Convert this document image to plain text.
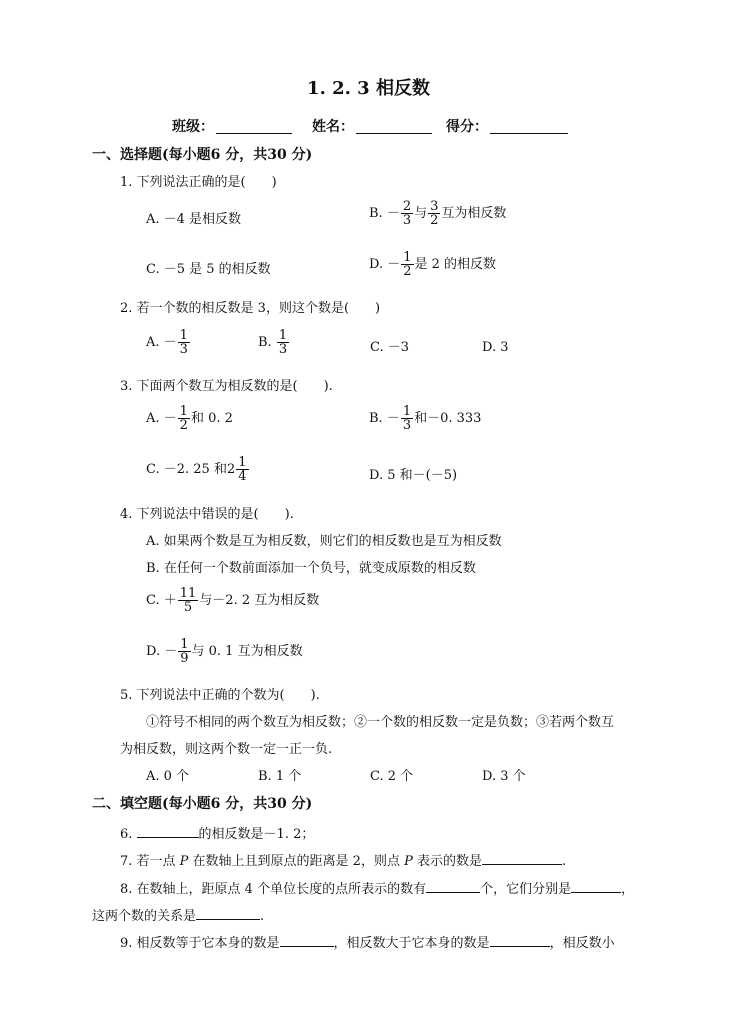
1. 2. 3 相反数
班级：	姓名：	得分：
一、选择题(每小题6 分，共30 分)
1. 下列说法正确的是(　　)
A. －4 是相反数	B. － $\frac{2}{3}$ 与 $\frac{3}{2}$ 互为相反数
C. －5 是 5 的相反数	D. － $\frac{1}{2}$ 是 2 的相反数
2. 若一个数的相反数是 3，则这个数是(　　)
A. － $\frac{1}{3}$	B. $\frac{1}{3}$	C. －3	D. 3
3. 下面两个数互为相反数的是(　　).
A. － $\frac{1}{2}$ 和 0. 2	B. － $\frac{1}{3}$ 和－0. 333
C. －2. 25 和$2 \frac{1}{4}$	D. 5 和－(－5)
4. 下列说法中错误的是(　　).
A. 如果两个数是互为相反数，则它们的相反数也是互为相反数
B. 在任何一个数前面添加一个负号，就变成原数的相反数
C. ＋ $\frac{11}{5}$ 与－2. 2 互为相反数
D. － $\frac{1}{9}$ 与 0. 1 互为相反数
5. 下列说法中正确的个数为(　　).
①符号不相同的两个数互为相反数；②一个数的相反数一定是负数；③若两个数互
为相反数，则这两个数一定一正一负.
A. 0 个	B. 1 个	C. 2 个	D. 3 个
二、填空题(每小题6 分，共30 分)
6.	的相反数是－1. 2；
7. 若一点 P 在数轴上且到原点的距离是 2，则点 P 表示的数是	.
8. 在数轴上，距原点 4 个单位长度的点所表示的数有	个，它们分别是	，
这两个数的关系是	.
9. 相反数等于它本身的数是	，相反数大于它本身的数是	，相反数小
